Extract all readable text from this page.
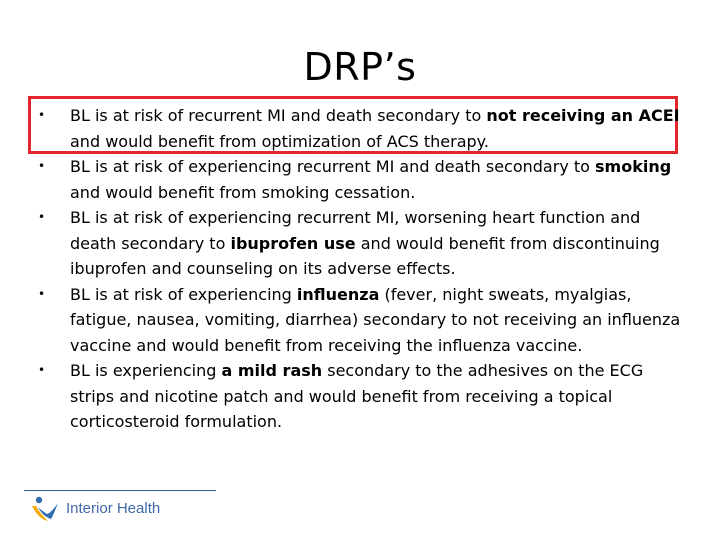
DRP’s
• BL is at risk of recurrent MI and death secondary to not receiving an ACEI and would benefit from optimization of ACS therapy.
• BL is at risk of experiencing recurrent MI and death secondary to smoking and would benefit from smoking cessation.
• BL is at risk of experiencing recurrent MI, worsening heart function and death secondary to ibuprofen use and would benefit from discontinuing ibuprofen and counseling on its adverse effects.
• BL is at risk of experiencing influenza (fever, night sweats, myalgias, fatigue, nausea, vomiting, diarrhea) secondary to not receiving an influenza vaccine and would benefit from receiving the influenza vaccine.
• BL is experiencing a mild rash secondary to the adhesives on the ECG strips and nicotine patch and would benefit from receiving a topical corticosteroid formulation.
Interior Health
